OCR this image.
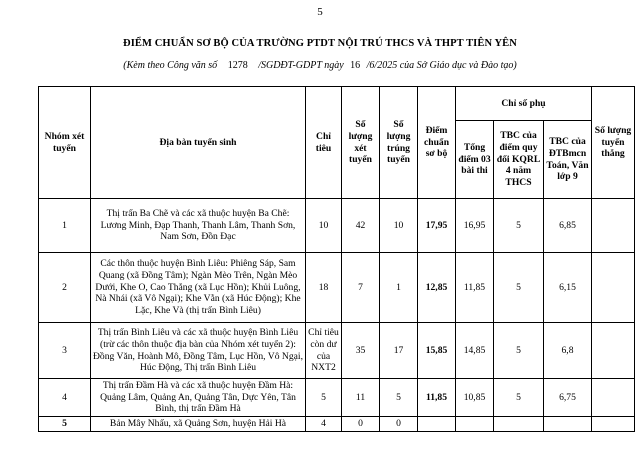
5
ĐIỂM CHUẨN SƠ BỘ CỦA TRƯỜNG PTDT NỘI TRÚ THCS VÀ THPT TIÊN YÊN
(Kèm theo Công văn số 1278 /SGDĐT-GDPT ngày 16 /6/2025 của Sở Giáo dục và Đào tạo)
Nhóm xét tuyển	Địa bàn tuyển sinh	Chỉ tiêu	Số lượng xét tuyển	Số lượng trúng tuyển	Điểm chuẩn sơ bộ	Chỉ số phụ			Số lượng tuyển thẳng
						Tổng điểm 03 bài thi	TBC của điểm quy đổi KQRL 4 năm THCS	TBC của ĐTBmcn Toán, Văn lớp 9	
1	Thị trấn Ba Chẽ và các xã thuộc huyện Ba Chẽ: Lương Minh, Đạp Thanh, Thanh Lâm, Thanh Sơn, Nam Sơn, Đồn Đạc	10	42	10	17,95	16,95	5	6,85	
2	Các thôn thuộc huyện Bình Liêu: Phiêng Sáp, Sam Quang (xã Đồng Tâm); Ngàn Mèo Trên, Ngàn Mèo Dưới, Khe O, Cao Thắng (xã Lục Hồn); Khủi Luông, Nà Nhái (xã Vô Ngại); Khe Vằn (xã Húc Động); Khe Lặc, Khe Và (thị trấn Bình Liêu)	18	7	1	12,85	11,85	5	6,15	
3	Thị trấn Bình Liêu và các xã thuộc huyện Bình Liêu (trừ các thôn thuộc địa bàn của Nhóm xét tuyển 2): Đồng Văn, Hoành Mô, Đồng Tâm, Lục Hồn, Vô Ngại, Húc Động, Thị trấn Bình Liêu	Chỉ tiêu còn dư của NXT2	35	17	15,85	14,85	5	6,8	
4	Thị trấn Đầm Hà và các xã thuộc huyện Đầm Hà: Quảng Lâm, Quảng An, Quảng Tân, Dực Yên, Tân Bình, thị trấn Đầm Hà	5	11	5	11,85	10,85	5	6,75	
5	Bản Mây Nhấu, xã Quảng Sơn, huyện Hải Hà	4	0	0					
